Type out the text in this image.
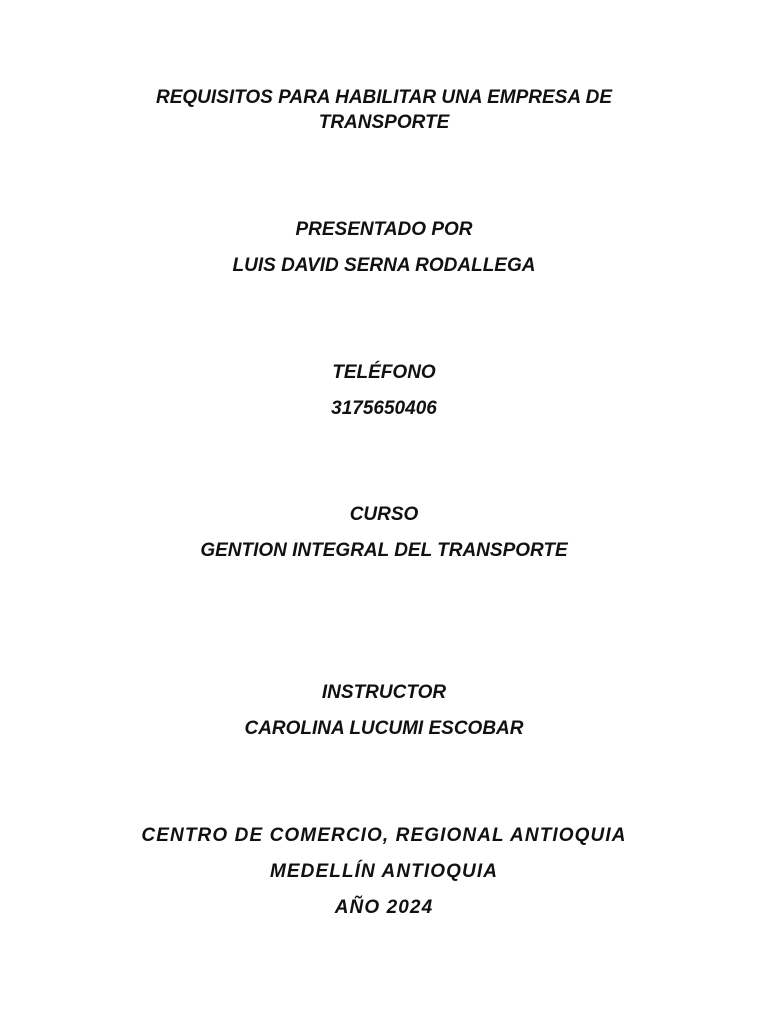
REQUISITOS PARA HABILITAR UNA EMPRESA DE
TRANSPORTE
PRESENTADO POR
LUIS DAVID SERNA RODALLEGA
TELÉFONO
3175650406
CURSO
GENTION INTEGRAL DEL TRANSPORTE
INSTRUCTOR
CAROLINA LUCUMI ESCOBAR
CENTRO DE COMERCIO, REGIONAL ANTIOQUIA
MEDELLÍN ANTIOQUIA
AÑO 2024
